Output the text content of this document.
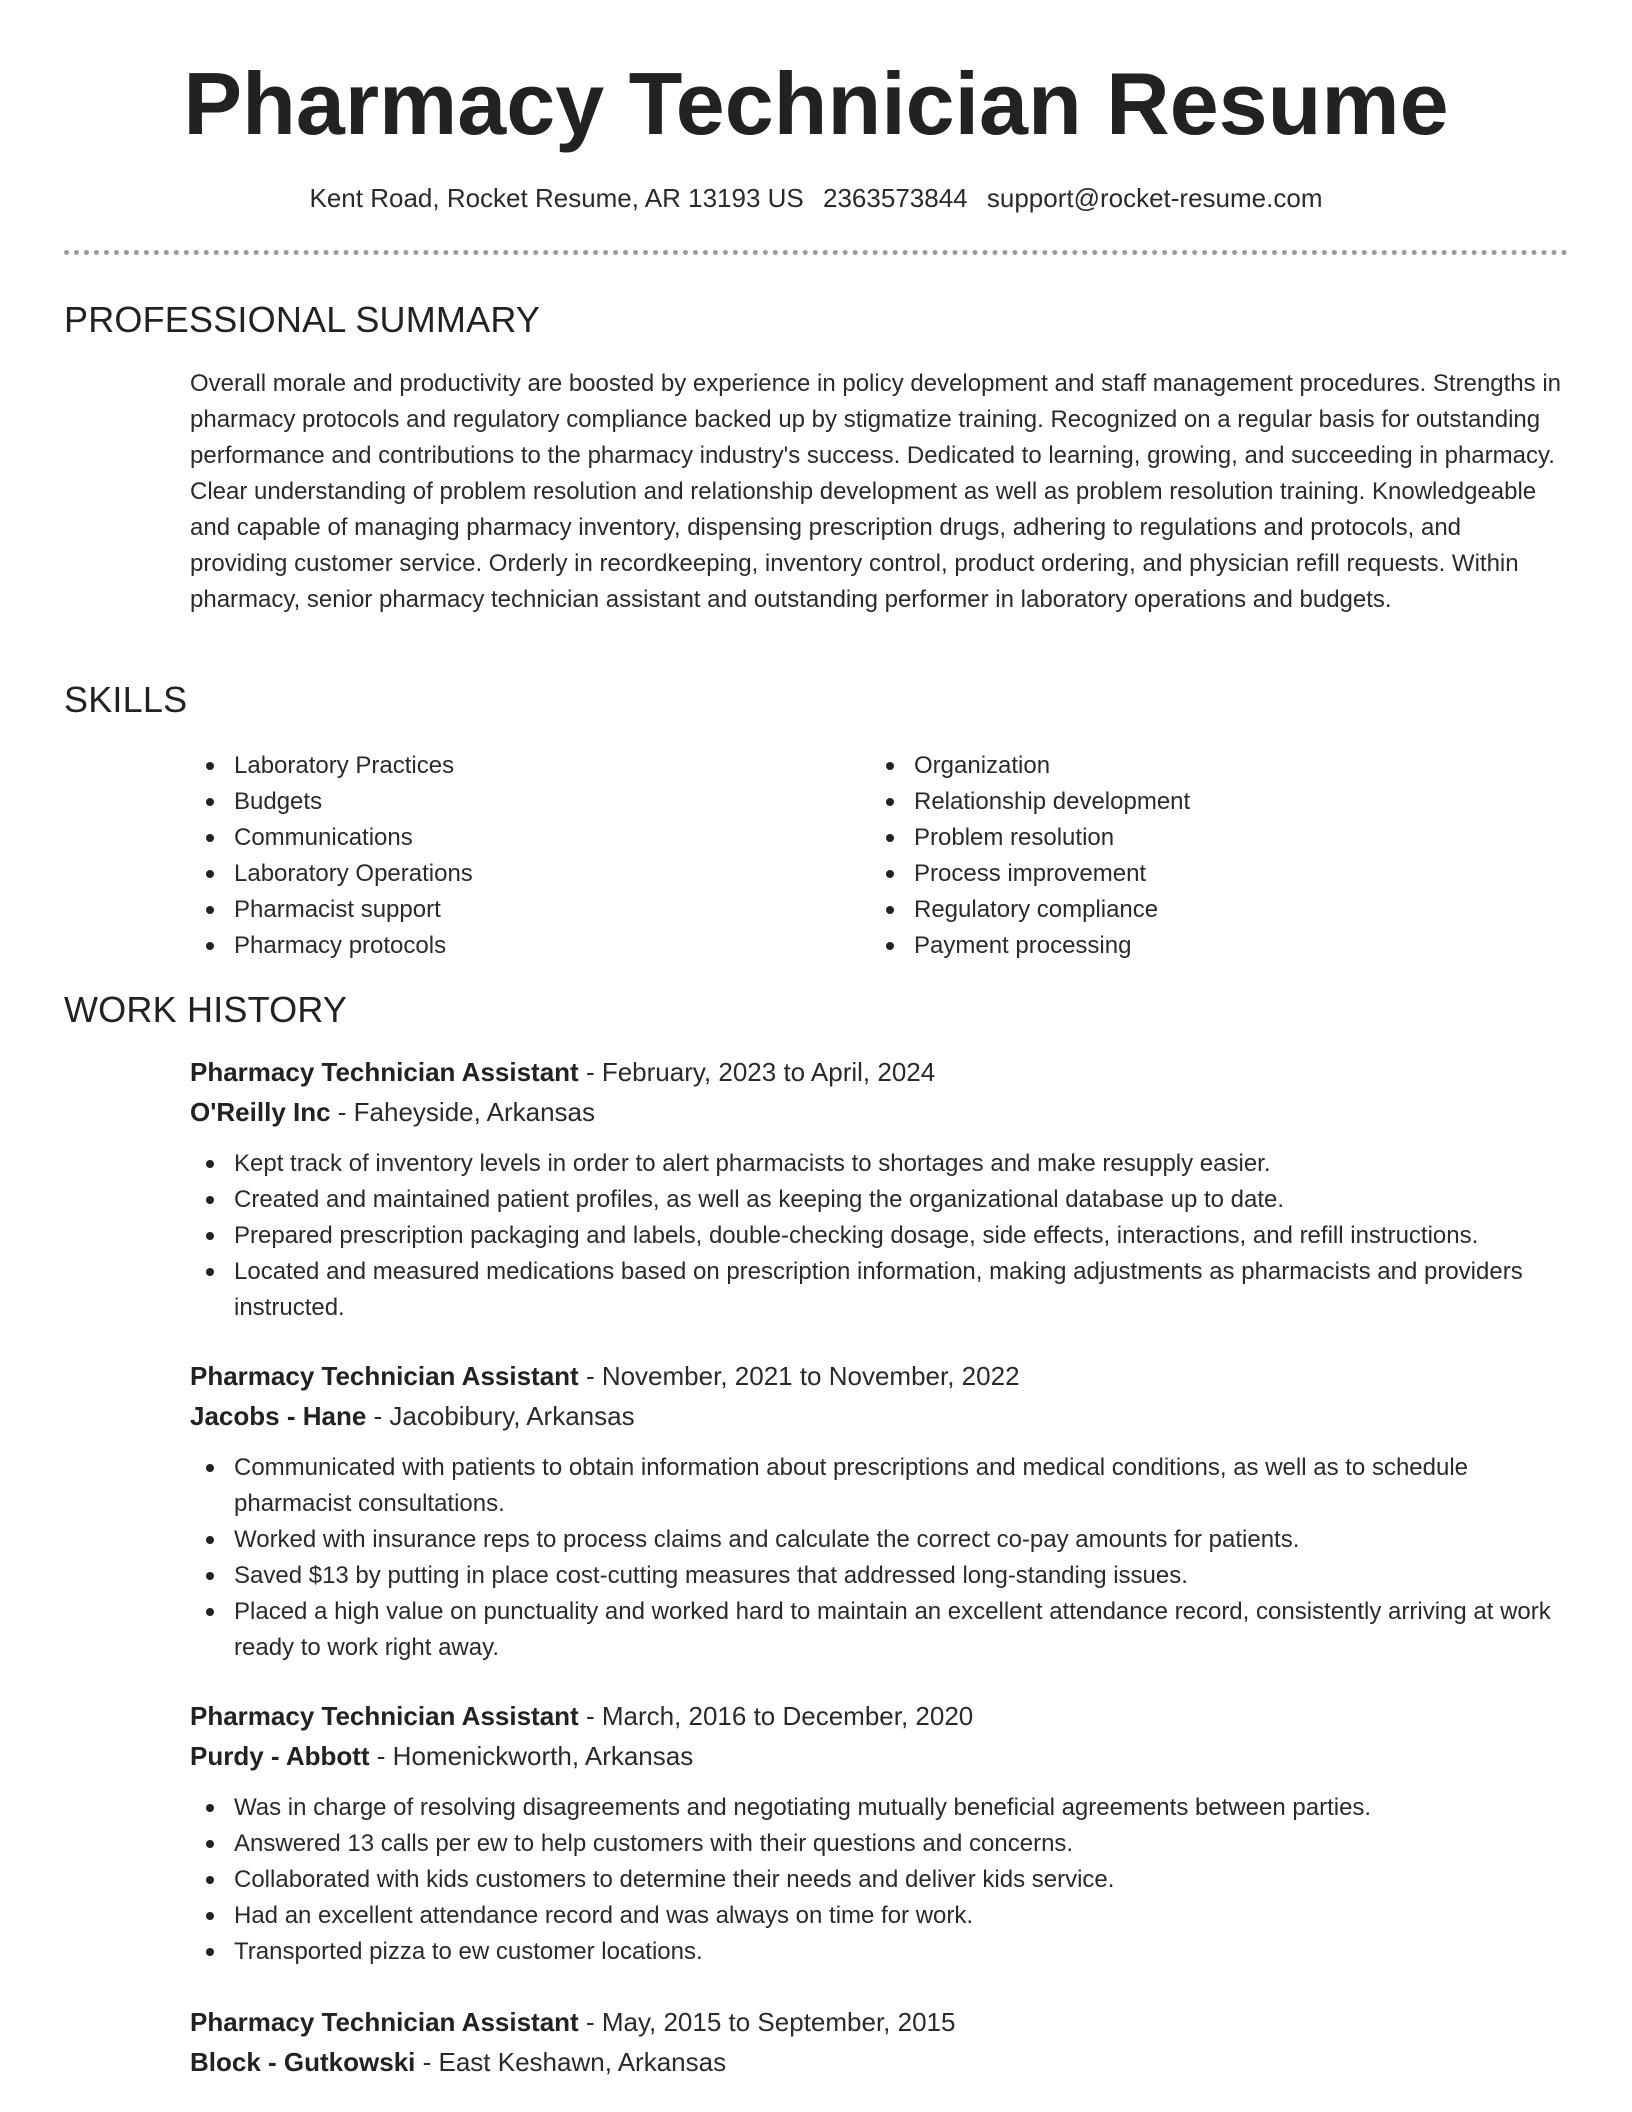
Pharmacy Technician Resume
Kent Road, Rocket Resume, AR 13193 US 2363573844 support@rocket-resume.com
PROFESSIONAL SUMMARY

Overall morale and productivity are boosted by experience in policy development and staff management procedures. Strengths in pharmacy protocols and regulatory compliance backed up by stigmatize training. Recognized on a regular basis for outstanding performance and contributions to the pharmacy industry's success. Dedicated to learning, growing, and succeeding in pharmacy. Clear understanding of problem resolution and relationship development as well as problem resolution training. Knowledgeable and capable of managing pharmacy inventory, dispensing prescription drugs, adhering to regulations and protocols, and providing customer service. Orderly in recordkeeping, inventory control, product ordering, and physician refill requests. Within pharmacy, senior pharmacy technician assistant and outstanding performer in laboratory operations and budgets.

SKILLS
Laboratory Practices
Budgets
Communications
Laboratory Operations
Pharmacist support
Pharmacy protocols
Organization
Relationship development
Problem resolution
Process improvement
Regulatory compliance
Payment processing
WORK HISTORY
Pharmacy Technician Assistant - February, 2023 to April, 2024
O'Reilly Inc - Faheyside, Arkansas
Kept track of inventory levels in order to alert pharmacists to shortages and make resupply easier.
Created and maintained patient profiles, as well as keeping the organizational database up to date.
Prepared prescription packaging and labels, double-checking dosage, side effects, interactions, and refill instructions.
Located and measured medications based on prescription information, making adjustments as pharmacists and providers instructed.
Pharmacy Technician Assistant - November, 2021 to November, 2022
Jacobs - Hane - Jacobibury, Arkansas
Communicated with patients to obtain information about prescriptions and medical conditions, as well as to schedule pharmacist consultations.
Worked with insurance reps to process claims and calculate the correct co-pay amounts for patients.
Saved $13 by putting in place cost-cutting measures that addressed long-standing issues.
Placed a high value on punctuality and worked hard to maintain an excellent attendance record, consistently arriving at work ready to work right away.
Pharmacy Technician Assistant - March, 2016 to December, 2020
Purdy - Abbott - Homenickworth, Arkansas
Was in charge of resolving disagreements and negotiating mutually beneficial agreements between parties.
Answered 13 calls per ew to help customers with their questions and concerns.
Collaborated with kids customers to determine their needs and deliver kids service.
Had an excellent attendance record and was always on time for work.
Transported pizza to ew customer locations.
Pharmacy Technician Assistant - May, 2015 to September, 2015
Block - Gutkowski - East Keshawn, Arkansas
